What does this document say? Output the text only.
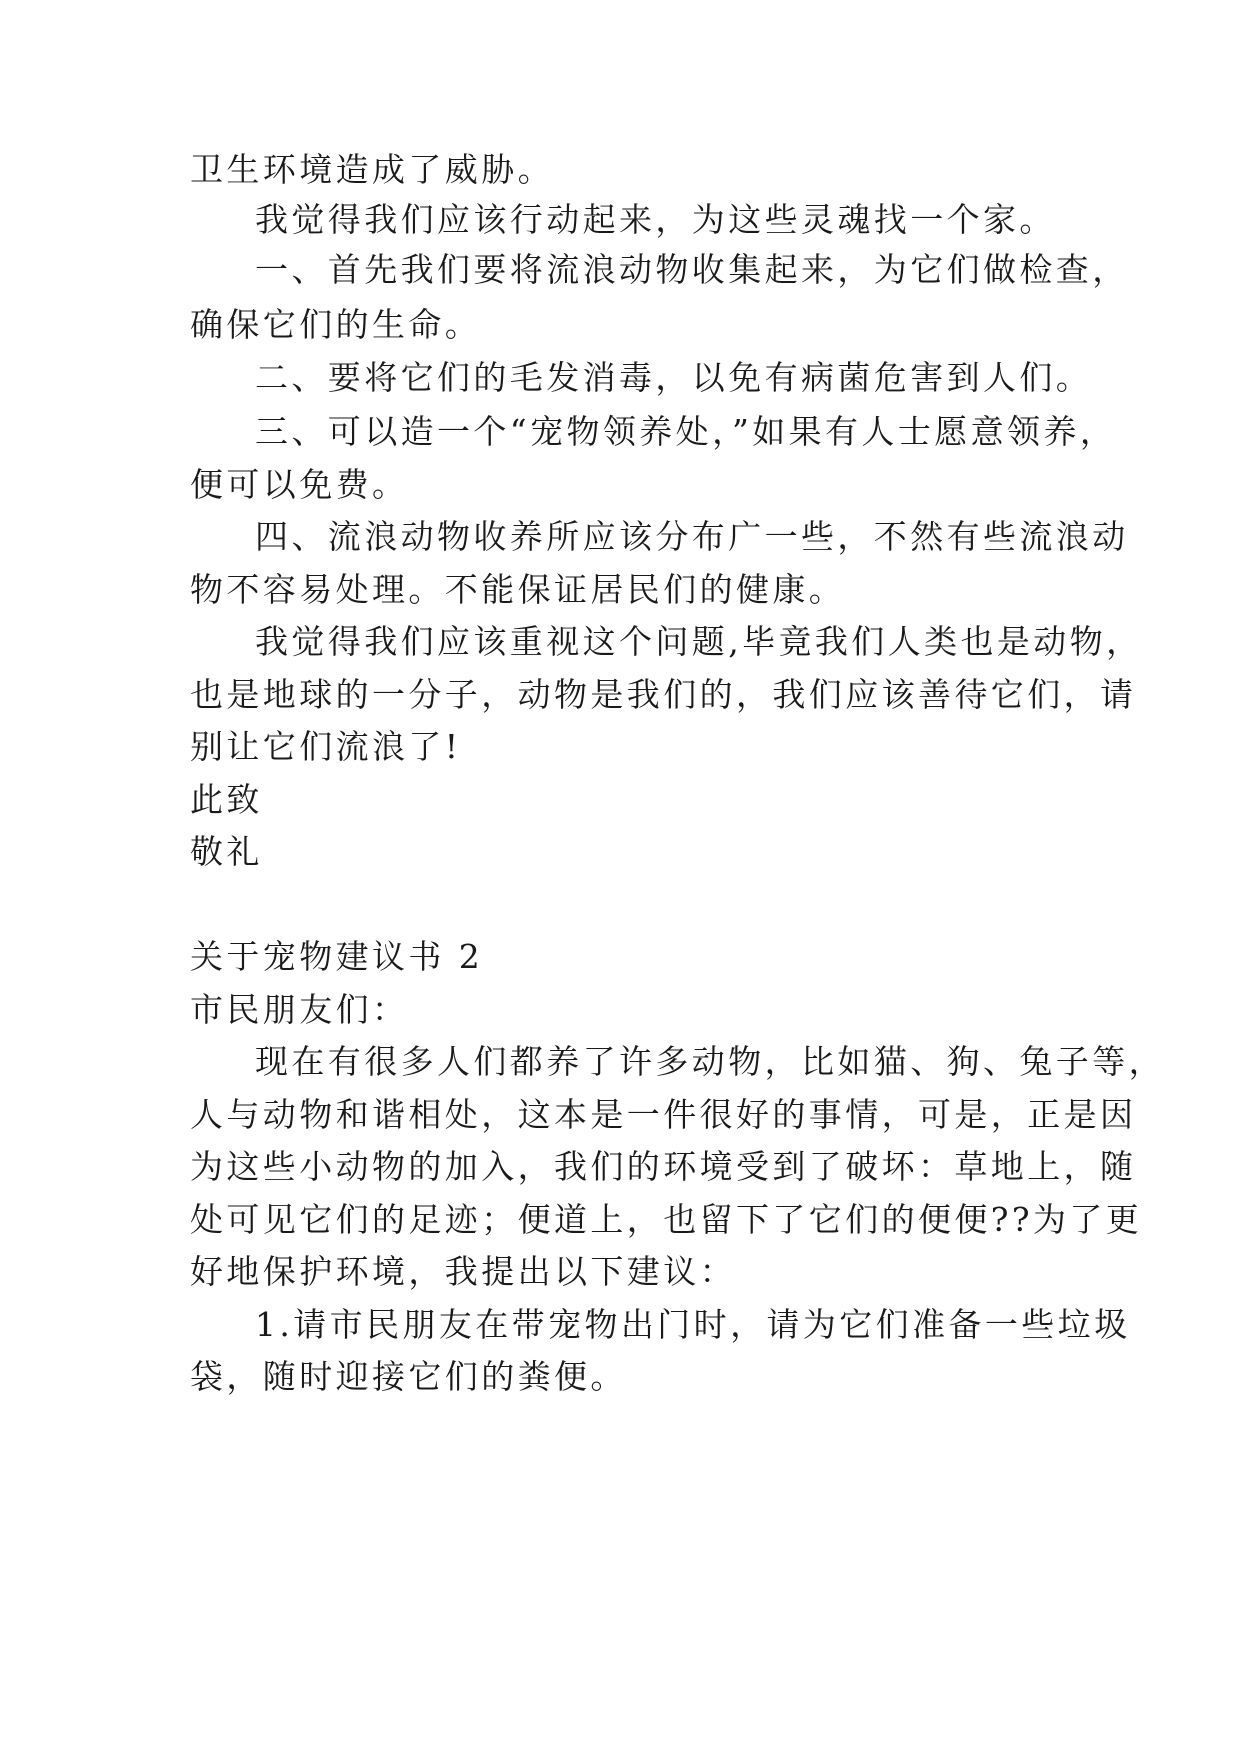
卫生环境造成了威胁。
我觉得我们应该行动起来，为这些灵魂找一个家。
一、首先我们要将流浪动物收集起来，为它们做检查，
确保它们的生命。
二、要将它们的毛发消毒，以免有病菌危害到人们。
三、可以造一个“宠物领养处，”如果有人士愿意领养，
便可以免费。
四、流浪动物收养所应该分布广一些，不然有些流浪动
物不容易处理。不能保证居民们的健康。
我觉得我们应该重视这个问题,毕竟我们人类也是动物，
也是地球的一分子，动物是我们的，我们应该善待它们，请
别让它们流浪了!
此致
敬礼
关于宠物建议书 2
市民朋友们：
现在有很多人们都养了许多动物，比如猫、狗、兔子等，
人与动物和谐相处，这本是一件很好的事情，可是，正是因
为这些小动物的加入，我们的环境受到了破坏：草地上，随
处可见它们的足迹；便道上，也留下了它们的便便??为了更
好地保护环境，我提出以下建议：
1.请市民朋友在带宠物出门时，请为它们准备一些垃圾
袋，随时迎接它们的粪便。
